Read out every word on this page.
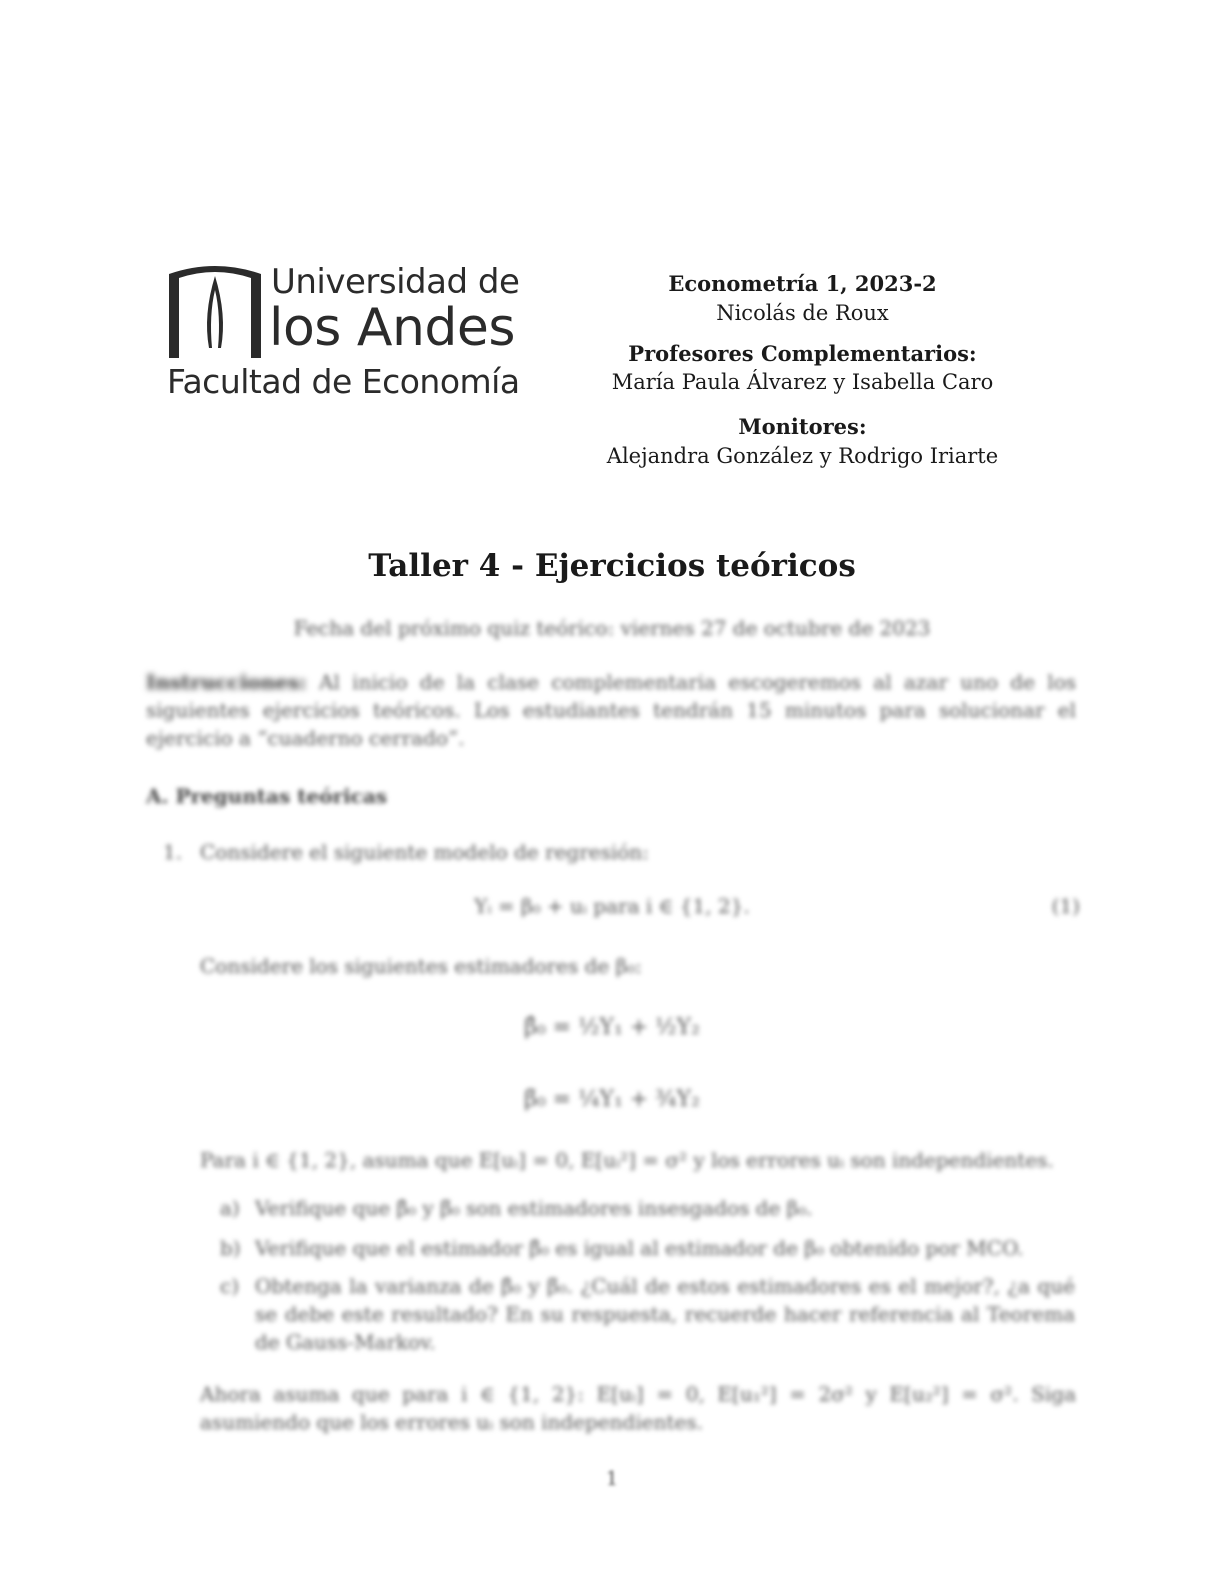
Universidad de
los Andes
Facultad de Economía
Econometría 1, 2023-2
Nicolás de Roux
Profesores Complementarios:
María Paula Álvarez y Isabella Caro
Monitores:
Alejandra González y Rodrigo Iriarte
Taller 4 - Ejercicios teóricos
Fecha del próximo quiz teórico: viernes 27 de octubre de 2023
Instrucciones: Al inicio de la clase complementaria escogeremos al azar uno de los siguientes ejercicios teóricos. Los estudiantes tendrán 15 minutos para solucionar el ejercicio a “cuaderno cerrado”.
A. Preguntas teóricas
1. Considere el siguiente modelo de regresión:
Yᵢ = β₀ + uᵢ para i ∈ {1, 2}.	(1)
Considere los siguientes estimadores de β₀:
β̂₀ = ½Y₁ + ½Y₂
β̃₀ = ¼Y₁ + ¾Y₂
Para i ∈ {1, 2}, asuma que E[uᵢ] = 0, E[uᵢ²] = σ² y los errores uᵢ son independientes.
a) Verifique que β̂₀ y β̃₀ son estimadores insesgados de β₀.
b) Verifique que el estimador β̂₀ es igual al estimador de β₀ obtenido por MCO.
c) Obtenga la varianza de β̂₀ y β̃₀. ¿Cuál de estos estimadores es el mejor?, ¿a qué se debe este resultado? En su respuesta, recuerde hacer referencia al Teorema de Gauss-Markov.
Ahora asuma que para i ∈ {1, 2}: E[uᵢ] = 0, E[u₁²] = 2σ² y E[u₂²] = σ². Siga asumiendo que los errores uᵢ son independientes.
1
